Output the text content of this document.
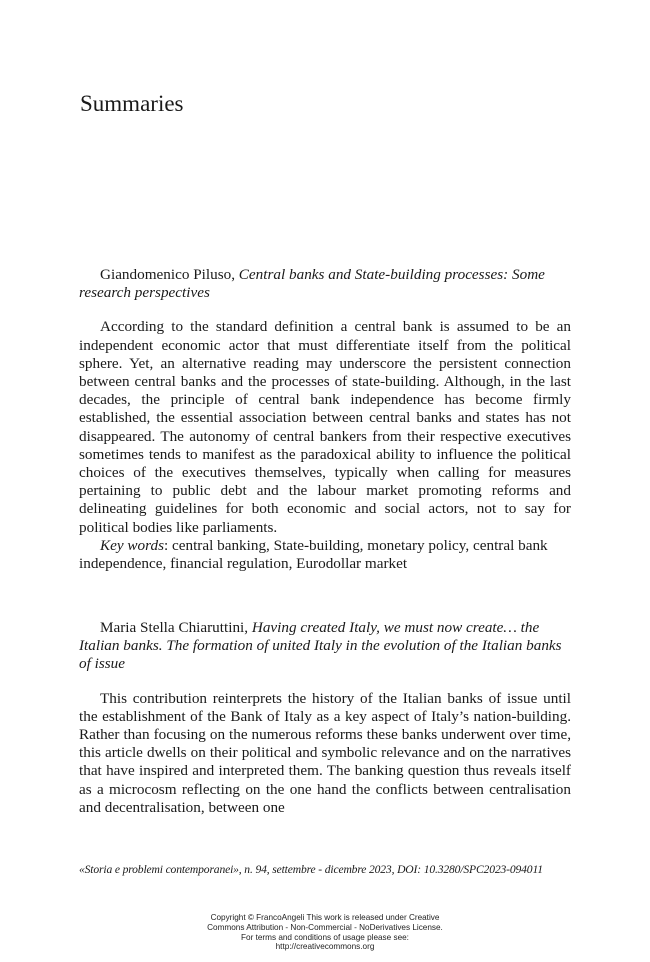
Summaries

Giandomenico Piluso, Central banks and State-building processes: Some research perspectives

According to the standard definition a central bank is assumed to be an independent economic actor that must differentiate itself from the political sphere. Yet, an alternative reading may underscore the persistent connection between central banks and the processes of state-building. Although, in the last decades, the principle of central bank independence has become firmly established, the essential association between central banks and states has not disappeared. The autonomy of central bankers from their respective executives sometimes tends to manifest as the paradoxical ability to influence the political choices of the executives themselves, typically when calling for measures pertaining to public debt and the labour market promoting reforms and delineating guidelines for both economic and social actors, not to say for political bodies like parliaments.

Key words: central banking, State-building, monetary policy, central bank independence, financial regulation, Eurodollar market

Maria Stella Chiaruttini, Having created Italy, we must now create… the Italian banks. The formation of united Italy in the evolution of the Italian banks of issue

This contribution reinterprets the history of the Italian banks of issue until the establishment of the Bank of Italy as a key aspect of Italy’s nation-building. Rather than focusing on the numerous reforms these banks underwent over time, this article dwells on their political and symbolic relevance and on the narratives that have inspired and interpreted them. The banking question thus reveals itself as a microcosm reflecting on the one hand the conflicts between centralisation and decentralisation, between one

«Storia e problemi contemporanei», n. 94, settembre - dicembre 2023, DOI: 10.3280/SPC2023-094011
Copyright © FrancoAngeli This work is released under Creative
Commons Attribution - Non-Commercial - NoDerivatives License.
For terms and conditions of usage please see:
http://creativecommons.org
